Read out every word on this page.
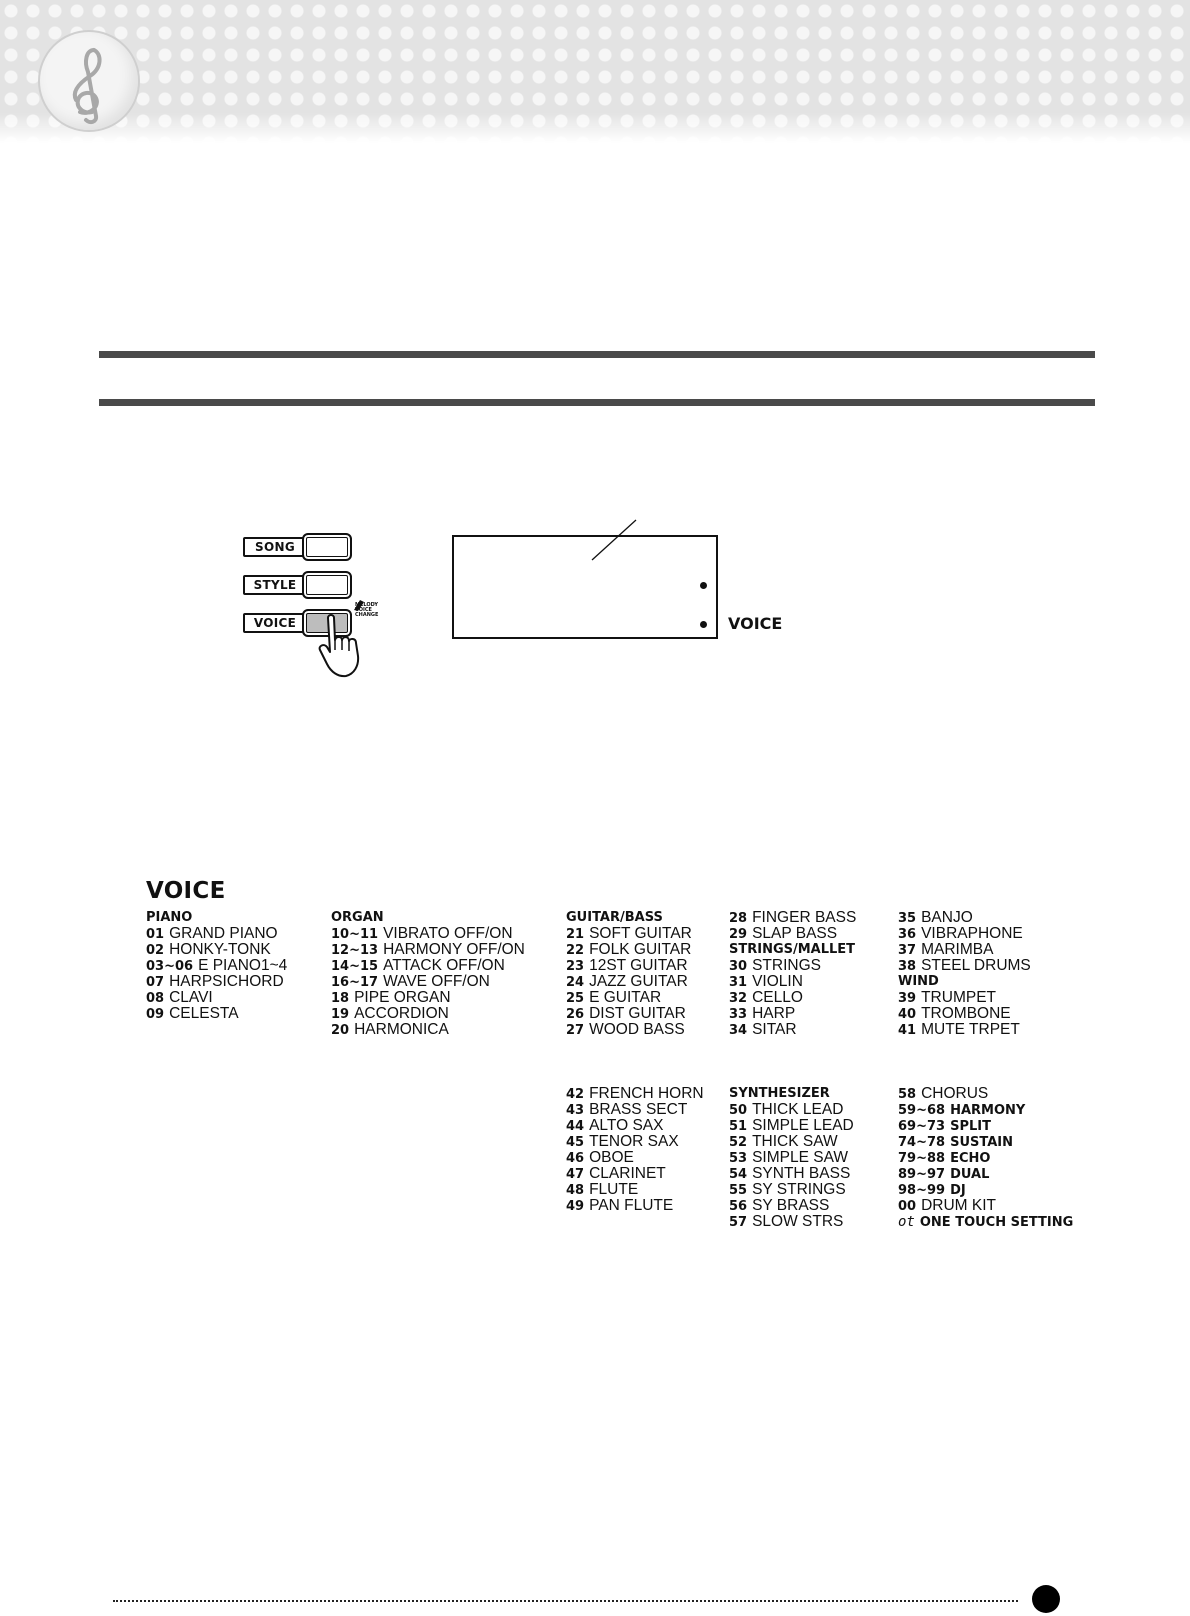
SONG
STYLE
VOICE
MELODY
VOICE
CHANGE	VOICE
VOICE
PIANO
01 GRAND PIANO
02 HONKY-TONK
03~06 E PIANO1~4
07 HARPSICHORD
08 CLAVI
09 CELESTA
ORGAN
10~11 VIBRATO OFF/ON
12~13 HARMONY OFF/ON
14~15 ATTACK OFF/ON
16~17 WAVE OFF/ON
18 PIPE ORGAN
19 ACCORDION
20 HARMONICA
GUITAR/BASS
21 SOFT GUITAR
22 FOLK GUITAR
23 12ST GUITAR
24 JAZZ GUITAR
25 E GUITAR
26 DIST GUITAR
27 WOOD BASS
28 FINGER BASS
29 SLAP BASS
STRINGS/MALLET
30 STRINGS
31 VIOLIN
32 CELLO
33 HARP
34 SITAR
35 BANJO
36 VIBRAPHONE
37 MARIMBA
38 STEEL DRUMS
WIND
39 TRUMPET
40 TROMBONE
41 MUTE TRPET
42 FRENCH HORN
43 BRASS SECT
44 ALTO SAX
45 TENOR SAX
46 OBOE
47 CLARINET
48 FLUTE
49 PAN FLUTE
SYNTHESIZER
50 THICK LEAD
51 SIMPLE LEAD
52 THICK SAW
53 SIMPLE SAW
54 SYNTH BASS
55 SY STRINGS
56 SY BRASS
57 SLOW STRS
58 CHORUS
59~68 HARMONY
69~73 SPLIT
74~78 SUSTAIN
79~88 ECHO
89~97 DUAL
98~99 DJ
00 DRUM KIT
ot ONE TOUCH SETTING
